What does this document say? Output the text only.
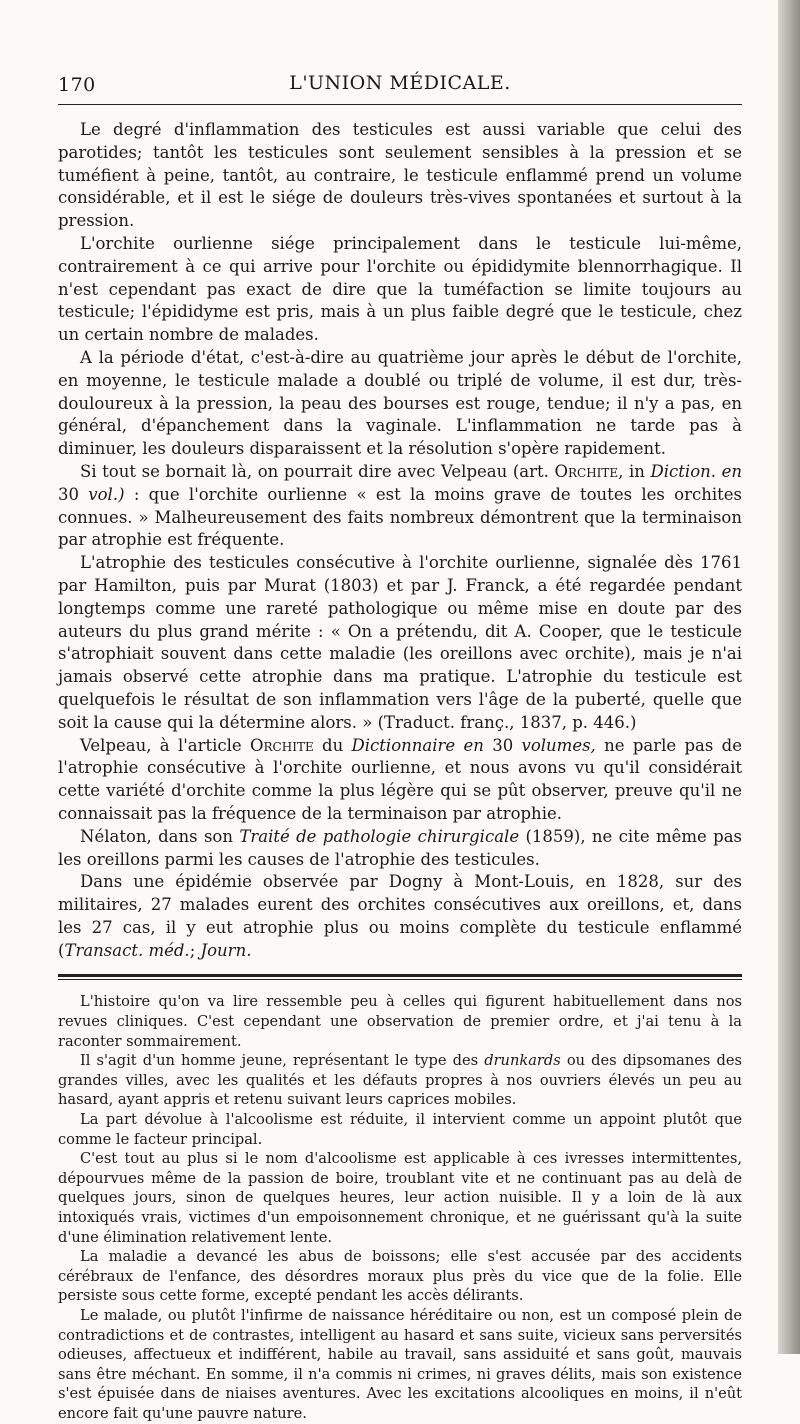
170	L'UNION MÉDICALE.

Le degré d'inflammation des testicules est aussi variable que celui des parotides; tantôt les testicules sont seulement sensibles à la pression et se tuméfient à peine, tantôt, au contraire, le testicule enflammé prend un volume considérable, et il est le siége de douleurs très-vives spontanées et surtout à la pression.

L'orchite ourlienne siége principalement dans le testicule lui-même, contrairement à ce qui arrive pour l'orchite ou épididymite blennorrhagique. Il n'est cependant pas exact de dire que la tuméfaction se limite toujours au testicule; l'épididyme est pris, mais à un plus faible degré que le testicule, chez un certain nombre de malades.

A la période d'état, c'est-à-dire au quatrième jour après le début de l'orchite, en moyenne, le testicule malade a doublé ou triplé de volume, il est dur, très-douloureux à la pression, la peau des bourses est rouge, tendue; il n'y a pas, en général, d'épanchement dans la vaginale. L'inflammation ne tarde pas à diminuer, les douleurs disparaissent et la résolution s'opère rapidement.

Si tout se bornait là, on pourrait dire avec Velpeau (art. Orchite, in Diction. en 30 vol.) : que l'orchite ourlienne « est la moins grave de toutes les orchites connues. » Malheureusement des faits nombreux démontrent que la terminaison par atrophie est fréquente.

L'atrophie des testicules consécutive à l'orchite ourlienne, signalée dès 1761 par Hamilton, puis par Murat (1803) et par J. Franck, a été regardée pendant longtemps comme une rareté pathologique ou même mise en doute par des auteurs du plus grand mérite : « On a prétendu, dit A. Cooper, que le testicule s'atrophiait souvent dans cette maladie (les oreillons avec orchite), mais je n'ai jamais observé cette atrophie dans ma pratique. L'atrophie du testicule est quelquefois le résultat de son inflammation vers l'âge de la puberté, quelle que soit la cause qui la détermine alors. » (Traduct. franç., 1837, p. 446.)

Velpeau, à l'article Orchite du Dictionnaire en 30 volumes, ne parle pas de l'atrophie consécutive à l'orchite ourlienne, et nous avons vu qu'il considérait cette variété d'orchite comme la plus légère qui se pût observer, preuve qu'il ne connaissait pas la fréquence de la terminaison par atrophie.

Nélaton, dans son Traité de pathologie chirurgicale (1859), ne cite même pas les oreillons parmi les causes de l'atrophie des testicules.

Dans une épidémie observée par Dogny à Mont-Louis, en 1828, sur des militaires, 27 malades eurent des orchites consécutives aux oreillons, et, dans les 27 cas, il y eut atrophie plus ou moins complète du testicule enflammé (Transact. méd.; Journ.

L'histoire qu'on va lire ressemble peu à celles qui figurent habituellement dans nos revues cliniques. C'est cependant une observation de premier ordre, et j'ai tenu à la raconter sommairement.

Il s'agit d'un homme jeune, représentant le type des drunkards ou des dipsomanes des grandes villes, avec les qualités et les défauts propres à nos ouvriers élevés un peu au hasard, ayant appris et retenu suivant leurs caprices mobiles.

La part dévolue à l'alcoolisme est réduite, il intervient comme un appoint plutôt que comme le facteur principal.

C'est tout au plus si le nom d'alcoolisme est applicable à ces ivresses intermittentes, dépourvues même de la passion de boire, troublant vite et ne continuant pas au delà de quelques jours, sinon de quelques heures, leur action nuisible. Il y a loin de là aux intoxiqués vrais, victimes d'un empoisonnement chronique, et ne guérissant qu'à la suite d'une élimination relativement lente.

La maladie a devancé les abus de boissons; elle s'est accusée par des accidents cérébraux de l'enfance, des désordres moraux plus près du vice que de la folie. Elle persiste sous cette forme, excepté pendant les accès délirants.

Le malade, ou plutôt l'infirme de naissance héréditaire ou non, est un composé plein de contradictions et de contrastes, intelligent au hasard et sans suite, vicieux sans perversités odieuses, affectueux et indifférent, habile au travail, sans assiduité et sans goût, mauvais sans être méchant. En somme, il n'a commis ni crimes, ni graves délits, mais son existence s'est épuisée dans de niaises aventures. Avec les excitations alcooliques en moins, il n'eût encore fait qu'une pauvre nature.
